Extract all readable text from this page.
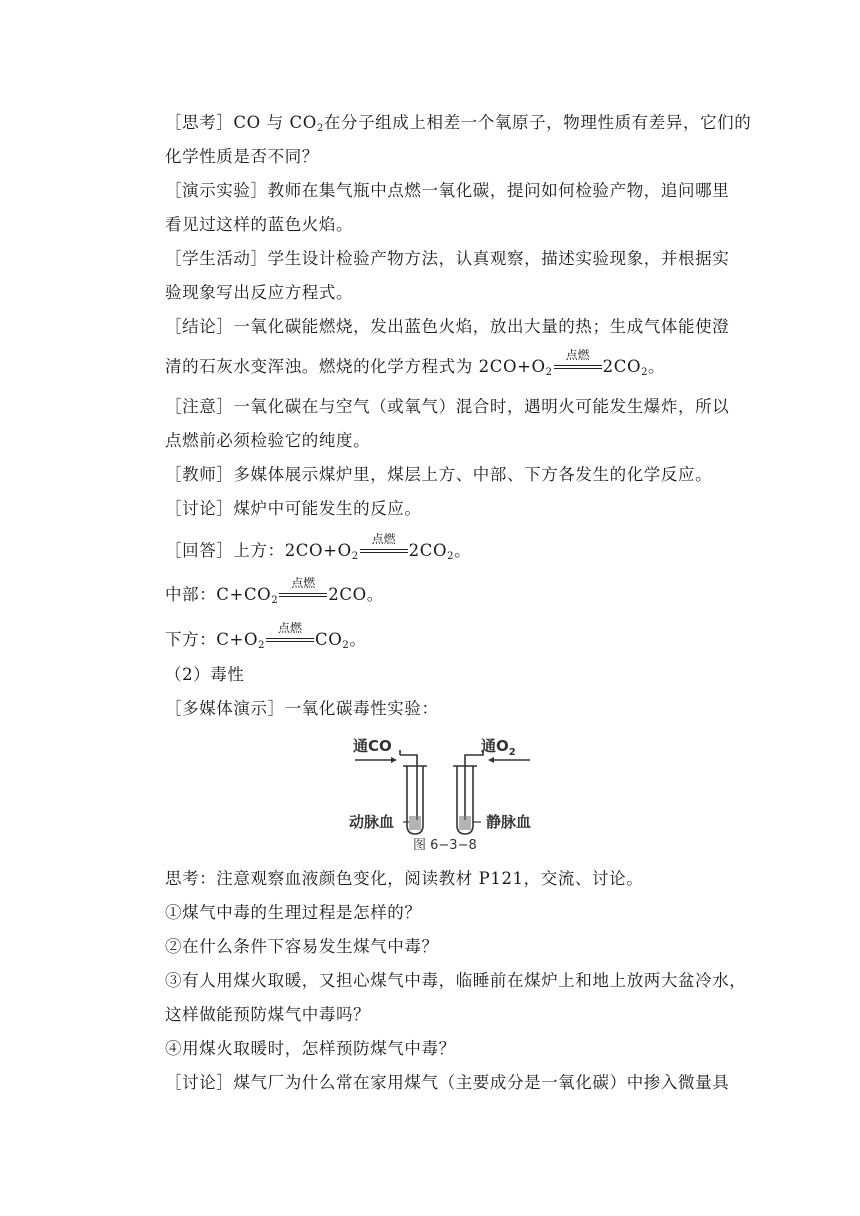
［思考］CO 与 $CO_2$在分子组成上相差一个氧原子，物理性质有差异，它们的
化学性质是否不同？
［演示实验］教师在集气瓶中点燃一氧化碳，提问如何检验产物，追问哪里
看见过这样的蓝色火焰。
［学生活动］学生设计检验产物方法，认真观察，描述实验现象，并根据实
验现象写出反应方程式。
［结论］一氧化碳能燃烧，发出蓝色火焰，放出大量的热；生成气体能使澄
清的石灰水变浑浊。燃烧的化学方程式为 $2CO+O_2$
点燃
$2CO_2$。
［注意］一氧化碳在与空气（或氧气）混合时，遇明火可能发生爆炸，所以
点燃前必须检验它的纯度。
［教师］多媒体展示煤炉里，煤层上方、中部、下方各发生的化学反应。
［讨论］煤炉中可能发生的反应。
［回答］上方：$2CO+O_2$
点燃
$2CO_2$。
中部：$C+CO_2$
点燃
2CO。
下方：$C+O_2$
点燃
$CO_2$。
（2）毒性
［多媒体演示］一氧化碳毒性实验：
通CO	通$O_2$
动脉血	静脉血
图 6−3−8
思考：注意观察血液颜色变化，阅读教材 P121，交流、讨论。
①煤气中毒的生理过程是怎样的？
②在什么条件下容易发生煤气中毒？
③有人用煤火取暖，又担心煤气中毒，临睡前在煤炉上和地上放两大盆冷水，
这样做能预防煤气中毒吗？
④用煤火取暖时，怎样预防煤气中毒？
［讨论］煤气厂为什么常在家用煤气（主要成分是一氧化碳）中掺入微量具
